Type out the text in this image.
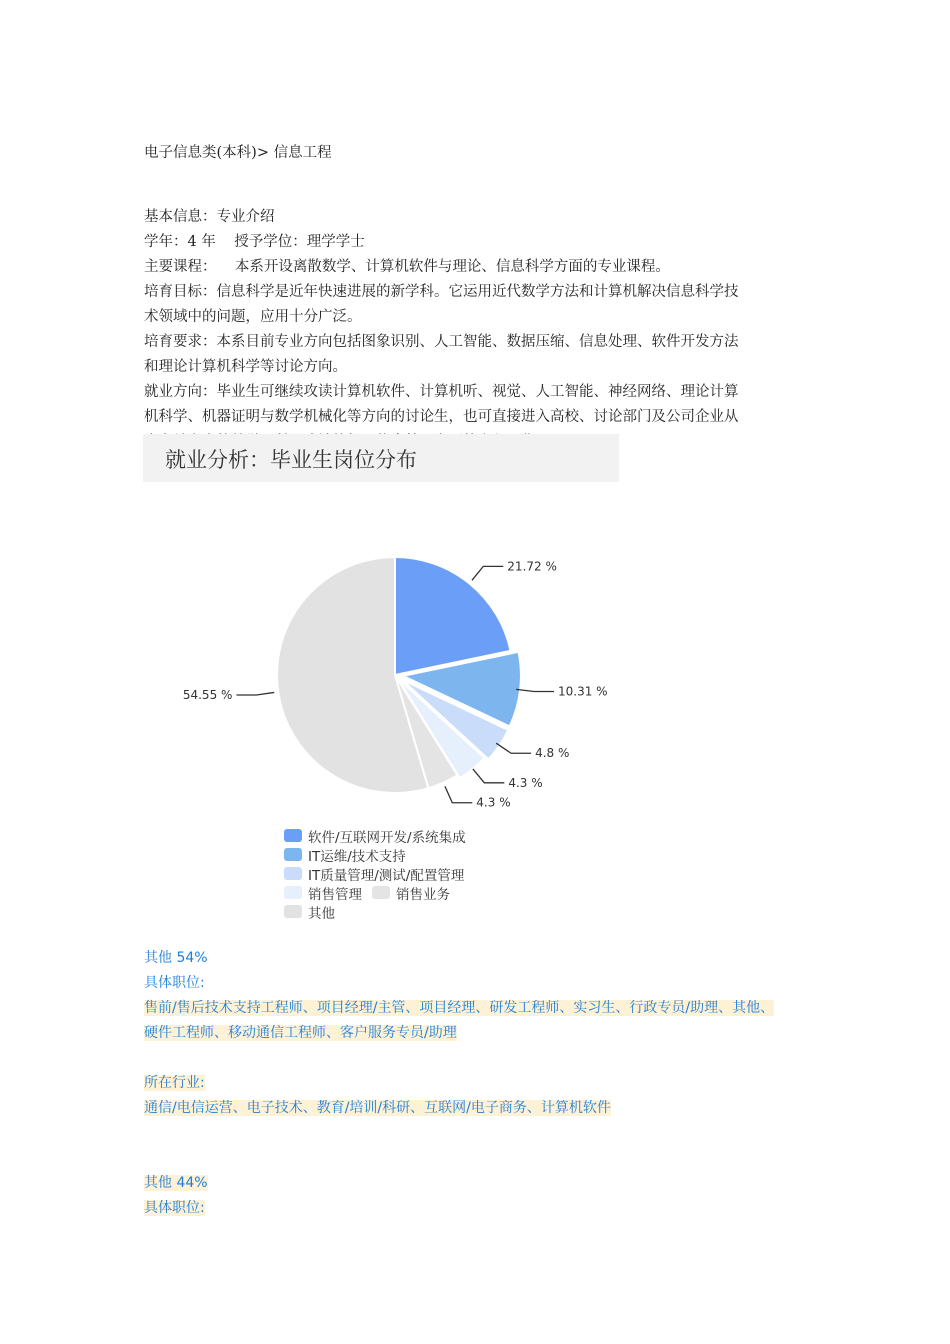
电子信息类(本科)> 信息工程

基本信息：专业介绍

学年：4 年    授予学位：理学学士

主要课程：    本系开设离散数学、计算机软件与理论、信息科学方面的专业课程。

培育目标：信息科学是近年快速进展的新学科。它运用近代数学方法和计算机解决信息科学技

术领域中的问题，应用十分广泛。

培育要求：本系目前专业方向包括图象识别、人工智能、数据压缩、信息处理、软件开发方法

和理论计算机科学等讨论方向。

就业方向：毕业生可继续攻读计算机软件、计算机听、视觉、人工智能、神经网络、理论计算

机科学、机器证明与数学机械化等方向的讨论生，也可直接进入高校、讨论部门及公司企业从

就业分析：毕业生岗位分布
21.72 %
10.31 %
4.8 %
4.3 %
4.3 %
54.55 %
软件/互联网开发/系统集成
IT运维/技术支持
IT质量管理/测试/配置管理
销售管理	销售业务
其他

其他 54%

具体职位:

售前/售后技术支持工程师、项目经理/主管、项目经理、研发工程师、实习生、行政专员/助理、其他、

硬件工程师、移动通信工程师、客户服务专员/助理

所在行业:

通信/电信运营、电子技术、教育/培训/科研、互联网/电子商务、计算机软件

其他 44%

具体职位:
